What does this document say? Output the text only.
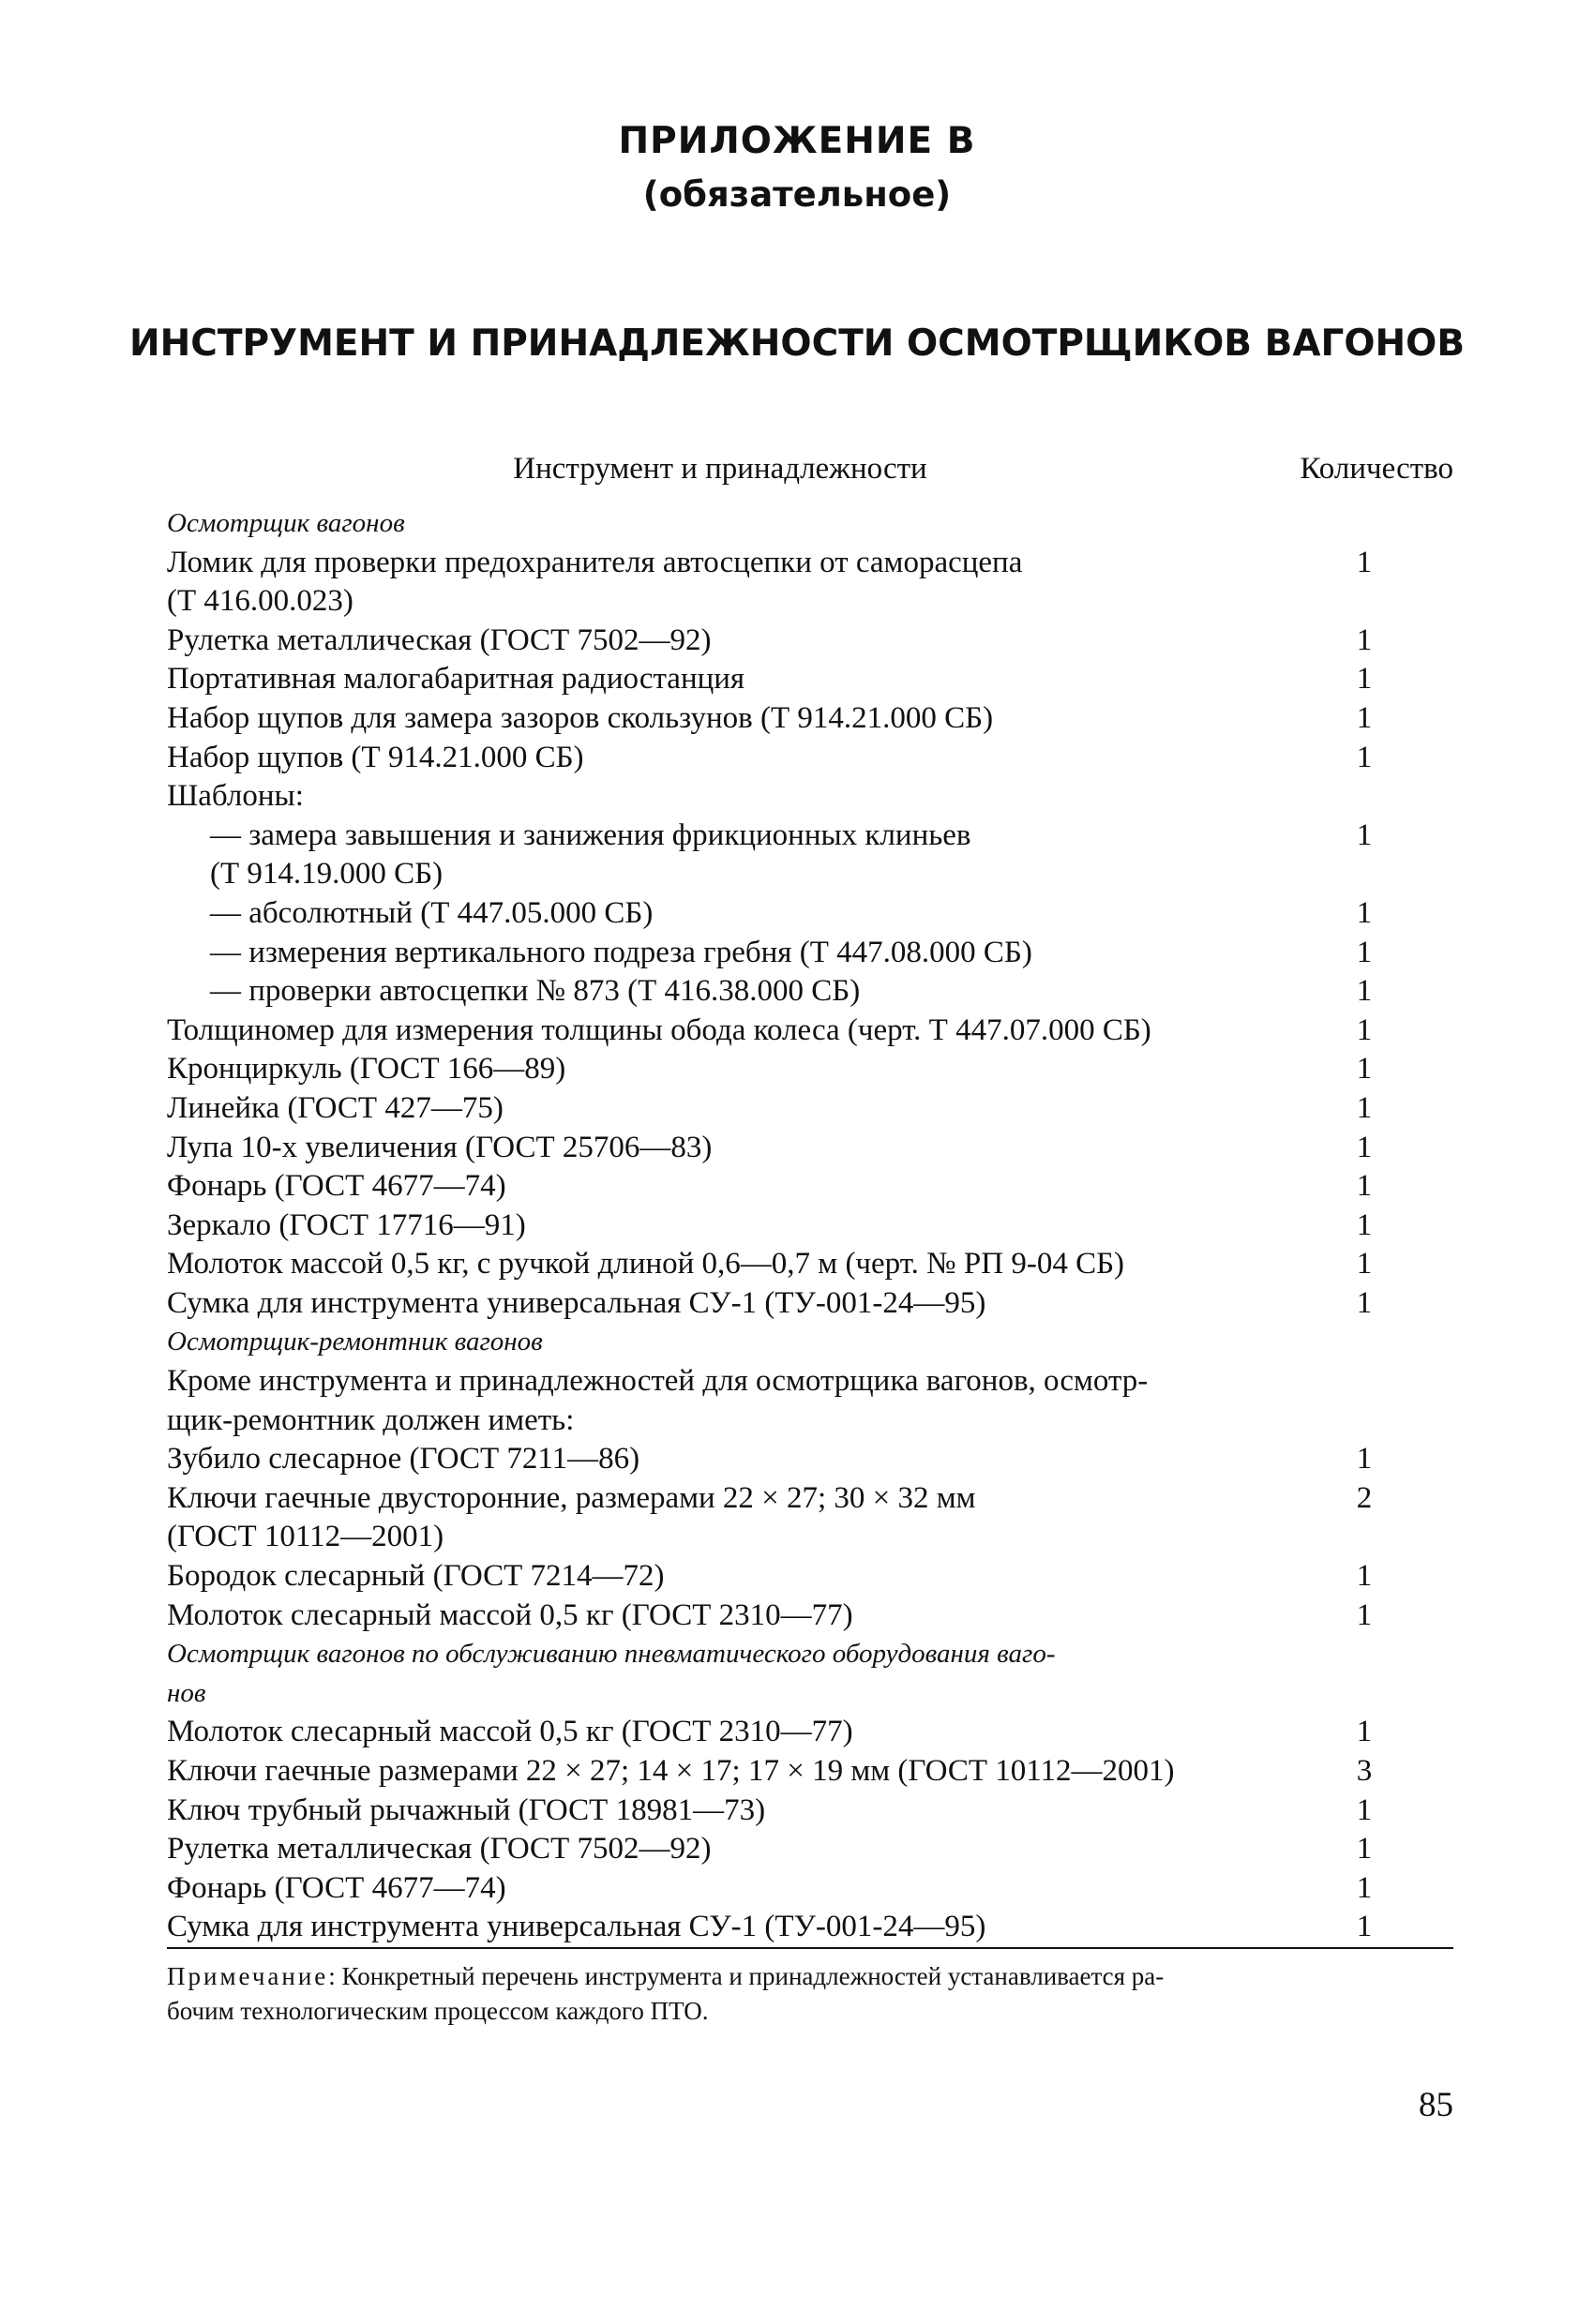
ПРИЛОЖЕНИЕ В
(обязательное)
ИНСТРУМЕНТ И ПРИНАДЛЕЖНОСТИ ОСМОТРЩИКОВ ВАГОНОВ
Инструмент и принадлежности	Количество
Осмотрщик вагонов
Ломик для проверки предохранителя автосцепки от саморасцепа	1
(Т 416.00.023)
Рулетка металлическая (ГОСТ 7502—92)	1
Портативная малогабаритная радиостанция	1
Набор щупов для замера зазоров скользунов (Т 914.21.000 СБ)	1
Набор щупов (Т 914.21.000 СБ)	1
Шаблоны:
— замера завышения и занижения фрикционных клиньев	1
(Т 914.19.000 СБ)
— абсолютный (Т 447.05.000 СБ)	1
— измерения вертикального подреза гребня (Т 447.08.000 СБ)	1
— проверки автосцепки № 873 (Т 416.38.000 СБ)	1
Толщиномер для измерения толщины обода колеса (черт. Т 447.07.000 СБ)	1
Кронциркуль (ГОСТ 166—89)	1
Линейка (ГОСТ 427—75)	1
Лупа 10-х увеличения (ГОСТ 25706—83)	1
Фонарь (ГОСТ 4677—74)	1
Зеркало (ГОСТ 17716—91)	1
Молоток массой 0,5 кг, с ручкой длиной 0,6—0,7 м (черт. № РП 9-04 СБ)	1
Сумка для инструмента универсальная СУ-1 (ТУ-001-24—95)	1
Осмотрщик-ремонтник вагонов
Кроме инструмента и принадлежностей для осмотрщика вагонов, осмотр-
щик-ремонтник должен иметь:
Зубило слесарное (ГОСТ 7211—86)	1
Ключи гаечные двусторонние, размерами 22 × 27; 30 × 32 мм	2
(ГОСТ 10112—2001)
Бородок слесарный (ГОСТ 7214—72)	1
Молоток слесарный массой 0,5 кг (ГОСТ 2310—77)	1
Осмотрщик вагонов по обслуживанию пневматического оборудования ваго-
нов
Молоток слесарный массой 0,5 кг (ГОСТ 2310—77)	1
Ключи гаечные размерами 22 × 27; 14 × 17; 17 × 19 мм (ГОСТ 10112—2001)	3
Ключ трубный рычажный (ГОСТ 18981—73)	1
Рулетка металлическая (ГОСТ 7502—92)	1
Фонарь (ГОСТ 4677—74)	1
Сумка для инструмента универсальная СУ-1 (ТУ-001-24—95)	1
Примечание: Конкретный перечень инструмента и принадлежностей устанавливается ра-
бочим технологическим процессом каждого ПТО.
85
